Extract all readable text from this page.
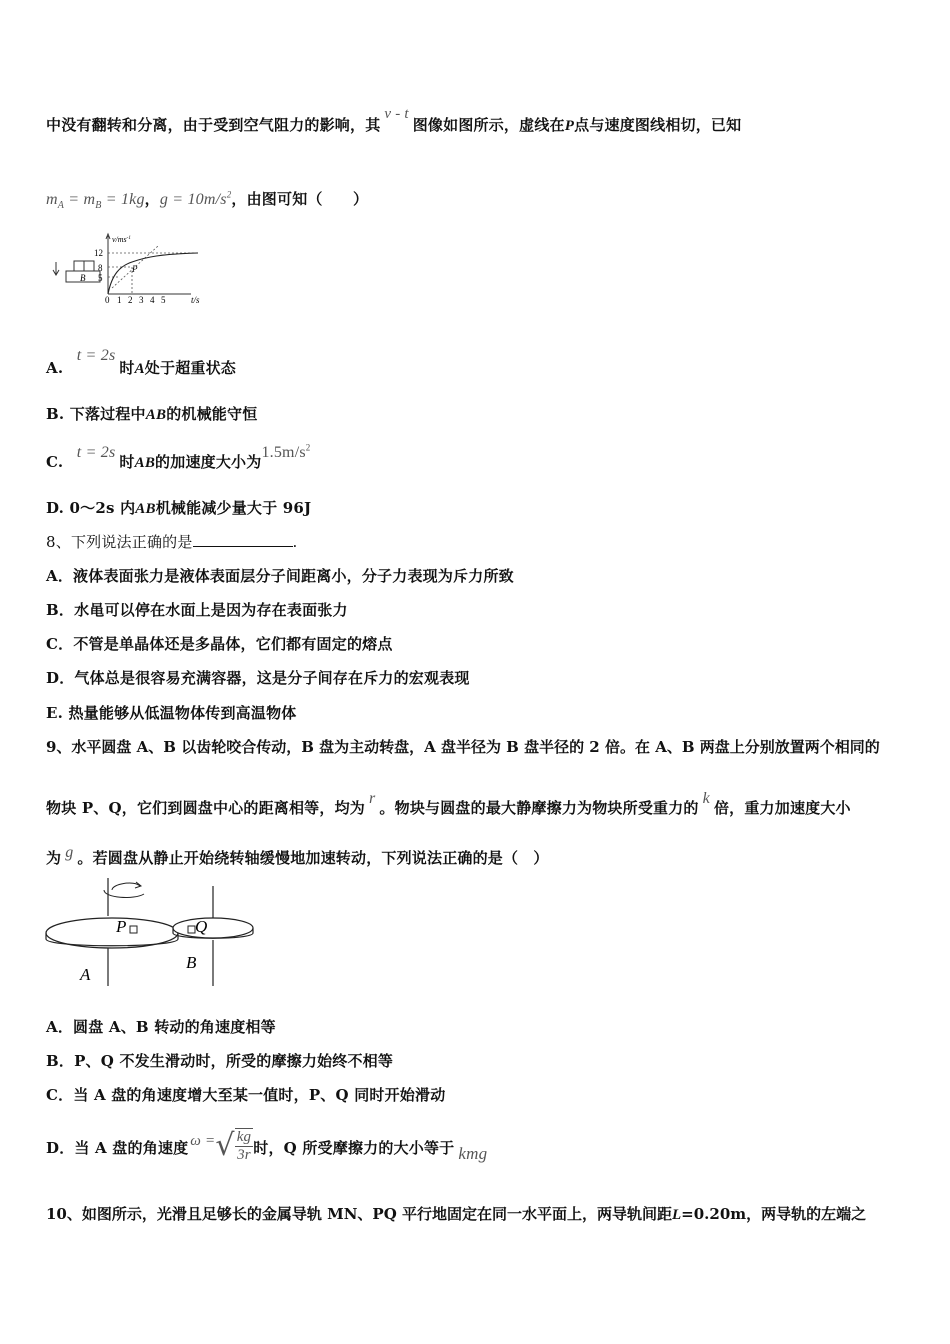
中没有翻转和分离，由于受到空气阻力的影响，其v - t图像如图所示，虚线在P点与速度图线相切，已知
$m_A = m_B = 1kg$，$g = 10m/s^2$，由图可知（　　）
B
$v/ms^{-1}$
12
8
5
0 1 2 3 4 5	t/s
P
A. t = 2s时A处于超重状态
B. 下落过程中AB的机械能守恒
C. t = 2s时AB的加速度大小为$1.5m/s^2$
D. 0～2s 内AB机械能减少量大于 96J
8、下列说法正确的是	.
A．液体表面张力是液体表面层分子间距离小，分子力表现为斥力所致
B．水黾可以停在水面上是因为存在表面张力
C．不管是单晶体还是多晶体，它们都有固定的熔点
D．气体总是很容易充满容器，这是分子间存在斥力的宏观表现
E. 热量能够从低温物体传到高温物体
9、水平圆盘 A、B 以齿轮咬合传动，B 盘为主动转盘，A 盘半径为 B 盘半径的 2 倍。在 A、B 两盘上分别放置两个相同的
物块 P、Q，它们到圆盘中心的距离相等，均为r。物块与圆盘的最大静摩擦力为物块所受重力的k倍，重力加速度大小
为 g 。若圆盘从静止开始绕转轴缓慢地加速转动，下列说法正确的是（　）
P	Q
A
B
A．圆盘 A、B 转动的角速度相等
B．P、Q 不发生滑动时，所受的摩擦力始终不相等
C．当 A 盘的角速度增大至某一值时，P、Q 同时开始滑动
D．当 A 盘的角速度 ω =√ $\frac{kg}{3r}$ 时，Q 所受摩擦力的大小等于 kmg
10、如图所示，光滑且足够长的金属导轨 MN、PQ 平行地固定在同一水平面上，两导轨间距L=0.20m，两导轨的左端之
